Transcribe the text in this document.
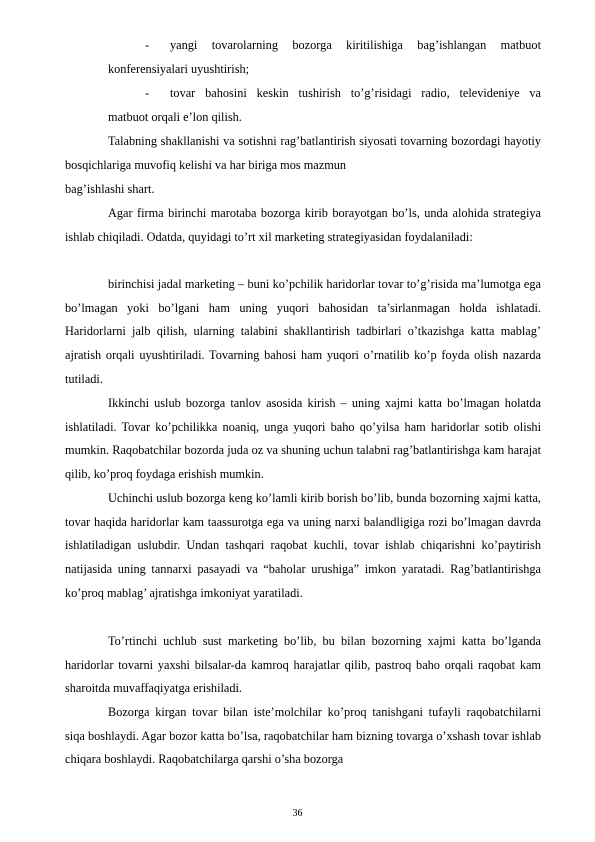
-	yangi tovarolarning bozorga kiritilishiga bag’ishlangan matbuot

konferensiyalari uyushtirish;

-	tovar bahosini keskin tushirish to’g’risidagi radio, televideniye va

matbuot orqali e’lon qilish.

Talabning shakllanishi va sotishni rag’batlantirish siyosati tovarning bozordagi hayotiy bosqichlariga muvofiq kelishi va har biriga mos mazmun

bag’ishlashi shart.

Agar firma birinchi marotaba bozorga kirib borayotgan bo’ls, unda alohida strategiya ishlab chiqiladi. Odatda, quyidagi to’rt xil marketing strategiyasidan foydalaniladi:

birinchisi jadal marketing – buni ko’pchilik haridorlar tovar to’g’risida ma’lumotga ega bo’lmagan yoki bo’lgani ham uning yuqori bahosidan ta’sirlanmagan holda ishlatadi. Haridorlarni jalb qilish, ularning talabini shakllantirish tadbirlari o’tkazishga katta mablag’ ajratish orqali uyushtiriladi. Tovarning bahosi ham yuqori o’rnatilib ko’p foyda olish nazarda tutiladi.

Ikkinchi uslub bozorga tanlov asosida kirish – uning xajmi katta bo’lmagan holatda ishlatiladi. Tovar ko’pchilikka noaniq, unga yuqori baho qo’yilsa ham haridorlar sotib olishi mumkin. Raqobatchilar bozorda juda oz va shuning uchun talabni rag’batlantirishga kam harajat qilib, ko’proq foydaga erishish mumkin.

Uchinchi uslub bozorga keng ko’lamli kirib borish bo’lib, bunda bozorning xajmi katta, tovar haqida haridorlar kam taassurotga ega va uning narxi balandligiga rozi bo’lmagan davrda ishlatiladigan uslubdir. Undan tashqari raqobat kuchli, tovar ishlab chiqarishni ko’paytirish natijasida uning tannarxi pasayadi va “baholar urushiga” imkon yaratadi. Rag’batlantirishga ko’proq mablag’ ajratishga imkoniyat yaratiladi.

To’rtinchi uchlub sust marketing bo’lib, bu bilan bozorning xajmi katta bo’lganda haridorlar tovarni yaxshi bilsalar-da kamroq harajatlar qilib, pastroq baho orqali raqobat kam sharoitda muvaffaqiyatga erishiladi.

Bozorga kirgan tovar bilan iste’molchilar ko’proq tanishgani tufayli raqobatchilarni siqa boshlaydi. Agar bozor katta bo’lsa, raqobatchilar ham bizning tovarga o’xshash tovar ishlab chiqara boshlaydi. Raqobatchilarga qarshi o’sha bozorga

36
